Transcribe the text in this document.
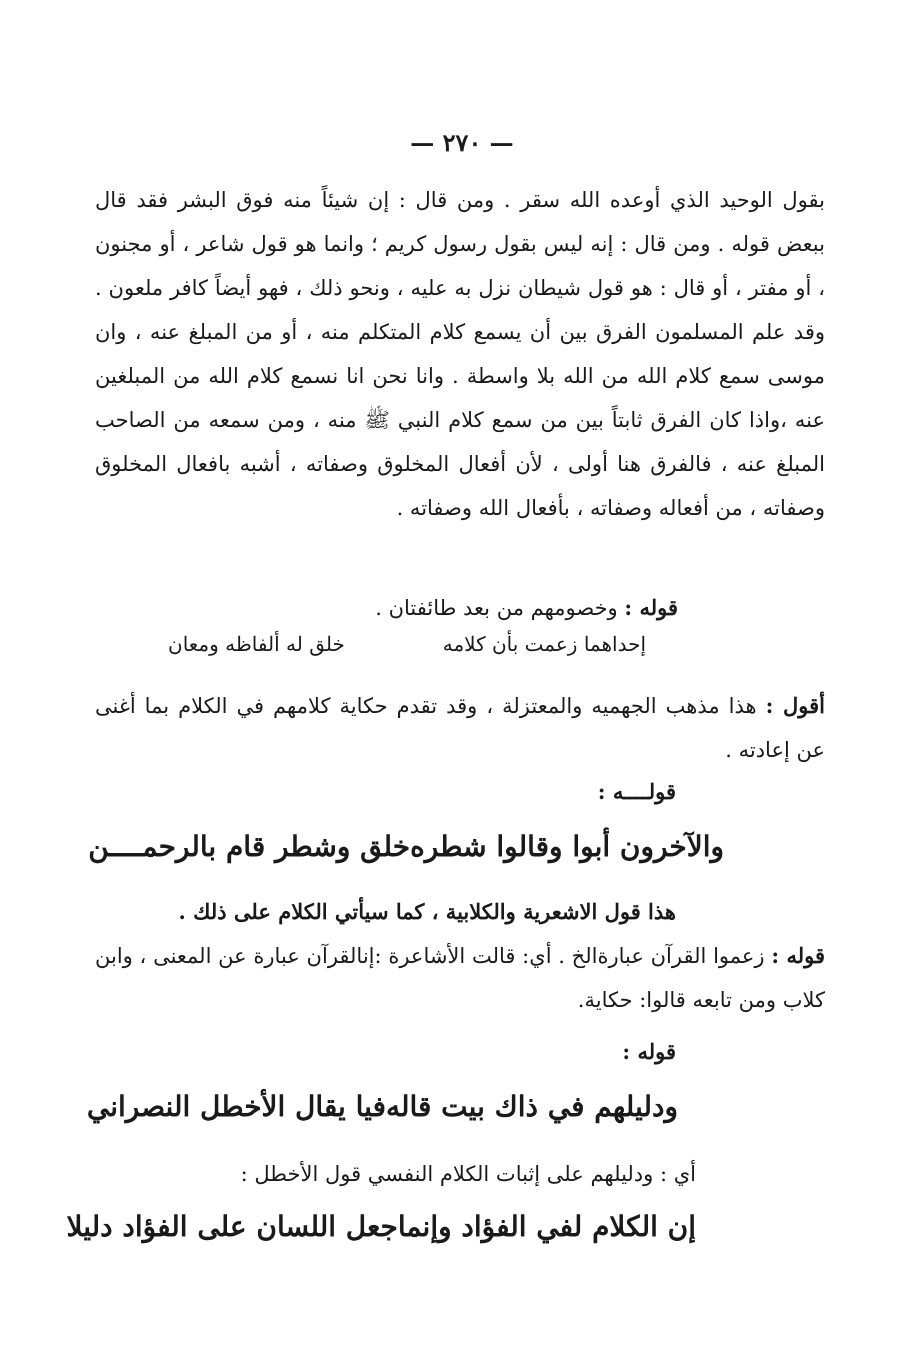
— ٢٧٠ —
بقول الوحيد الذي أوعده الله سقر . ومن قال : إن شيئاً منه فوق البشر فقد قال ببعض قوله . ومن قال : إنه ليس بقول رسول كريم ؛ وانما هو قول شاعر ، أو مجنون ، أو مفتر ، أو قال : هو قول شيطان نزل به عليه ، ونحو ذلك ، فهو أيضاً كافر ملعون . وقد علم المسلمون الفرق بين أن يسمع كلام المتكلم منه ، أو من المبلغ عنه ، وان موسى سمع كلام الله من الله بلا واسطة . وانا نحن انا نسمع كلام الله من المبلغين عنه ،واذا كان الفرق ثابتاً بين من سمع كلام النبي ﷺ منه ، ومن سمعه من الصاحب المبلغ عنه ، فالفرق هنا أولى ، لأن أفعال المخلوق وصفاته ، أشبه بافعال المخلوق وصفاته ، من أفعاله وصفاته ، بأفعال الله وصفاته .
قوله : وخصومهم من بعد طائفتان .
إحداهما زعمت بأن كلامه
خلق له ألفاظه ومعان
أقول : هذا مذهب الجهميه والمعتزلة ، وقد تقدم حكاية كلامهم في الكلام بما أغنى عن إعادته .
قولــــه :
والآخرون أبوا وقالوا شطره
خلق وشطر قام بالرحمــــن
هذا قول الاشعرية والكلابية ، كما سيأتي الكلام على ذلك .
قوله : زعموا القرآن عبارةالخ . أي: قالت الأشاعرة :إنالقرآن عبارة عن المعنى ، وابن كلاب ومن تابعه قالوا: حكاية.
قوله :
ودليلهم في ذاك بيت قاله
فيا يقال الأخطل النصراني
أي : ودليلهم على إثبات الكلام النفسي قول الأخطل :
إن الكلام لفي الفؤاد وإنما
جعل اللسان على الفؤاد دليلا
